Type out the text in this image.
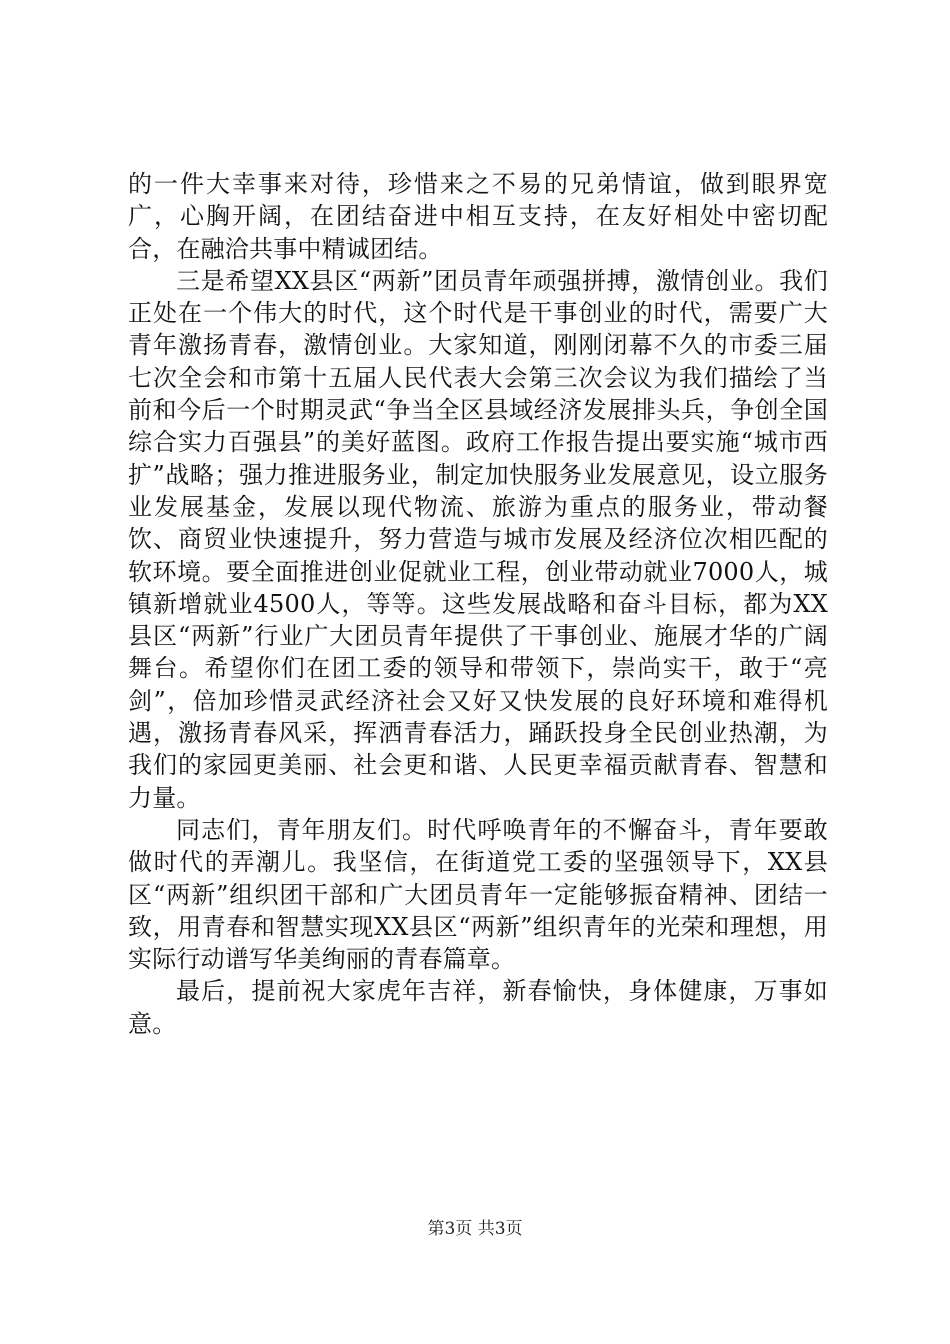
的一件大幸事来对待，珍惜来之不易的兄弟情谊，做到眼界宽广，心胸开阔，在团结奋进中相互支持，在友好相处中密切配合，在融洽共事中精诚团结。

三是希望XX县区“两新”团员青年顽强拼搏，激情创业。我们正处在一个伟大的时代，这个时代是干事创业的时代，需要广大青年激扬青春，激情创业。大家知道，刚刚闭幕不久的市委三届七次全会和市第十五届人民代表大会第三次会议为我们描绘了当前和今后一个时期灵武“争当全区县域经济发展排头兵，争创全国综合实力百强县”的美好蓝图。政府工作报告提出要实施“城市西扩”战略；强力推进服务业，制定加快服务业发展意见，设立服务业发展基金，发展以现代物流、旅游为重点的服务业，带动餐饮、商贸业快速提升，努力营造与城市发展及经济位次相匹配的软环境。要全面推进创业促就业工程，创业带动就业7000人，城镇新增就业4500人，等等。这些发展战略和奋斗目标，都为XX县区“两新”行业广大团员青年提供了干事创业、施展才华的广阔舞台。希望你们在团工委的领导和带领下，崇尚实干，敢于“亮剑”，倍加珍惜灵武经济社会又好又快发展的良好环境和难得机遇，激扬青春风采，挥洒青春活力，踊跃投身全民创业热潮，为我们的家园更美丽、社会更和谐、人民更幸福贡献青春、智慧和力量。

同志们，青年朋友们。时代呼唤青年的不懈奋斗，青年要敢做时代的弄潮儿。我坚信，在街道党工委的坚强领导下，XX县区“两新”组织团干部和广大团员青年一定能够振奋精神、团结一致，用青春和智慧实现XX县区“两新”组织青年的光荣和理想，用实际行动谱写华美绚丽的青春篇章。

最后，提前祝大家虎年吉祥，新春愉快，身体健康，万事如意。

第3页 共3页
